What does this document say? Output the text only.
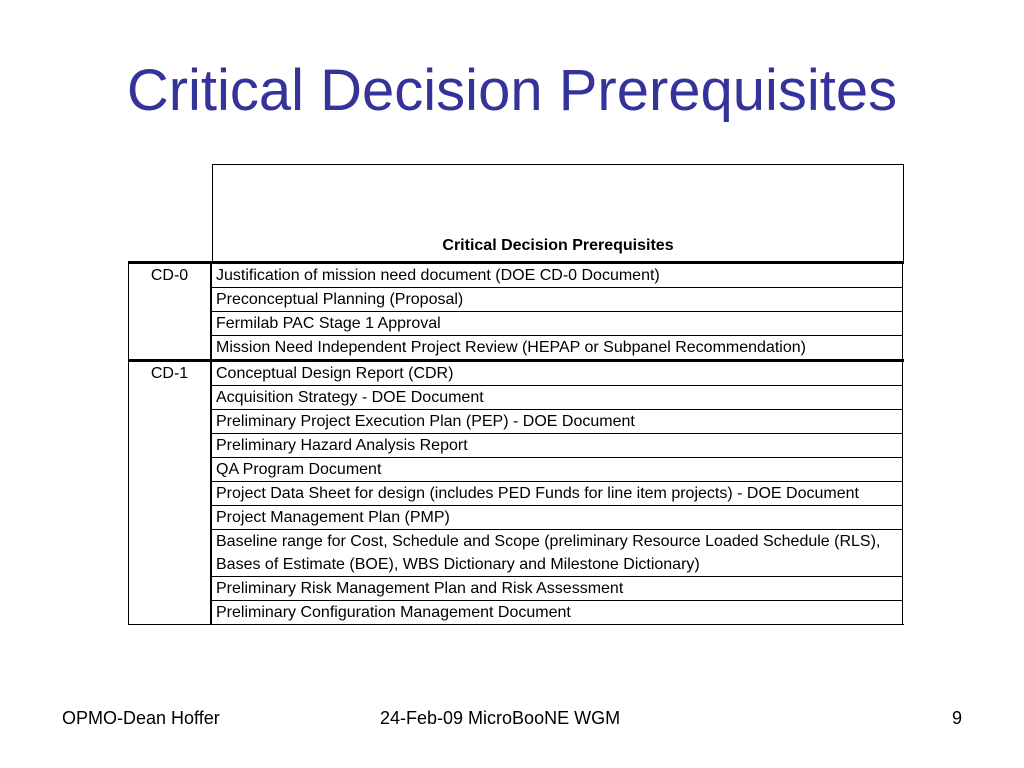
Critical Decision Prerequisites
Critical Decision Prerequisites
CD-0	Justification of mission need document (DOE CD-0 Document)
Preconceptual Planning (Proposal)
Fermilab PAC Stage 1 Approval
Mission Need Independent Project Review (HEPAP or Subpanel Recommendation)
CD-1	Conceptual Design Report (CDR)
Acquisition Strategy - DOE Document
Preliminary Project Execution Plan (PEP) - DOE Document
Preliminary Hazard Analysis Report
QA Program Document
Project Data Sheet for design (includes PED Funds for line item projects) - DOE Document
Project Management Plan (PMP)
Baseline range for Cost, Schedule and Scope (preliminary Resource Loaded Schedule (RLS), Bases of Estimate (BOE), WBS Dictionary and Milestone Dictionary)
Preliminary Risk Management Plan and Risk Assessment
Preliminary Configuration Management Document
OPMO-Dean Hoffer	24-Feb-09 MicroBooNE WGM	9
